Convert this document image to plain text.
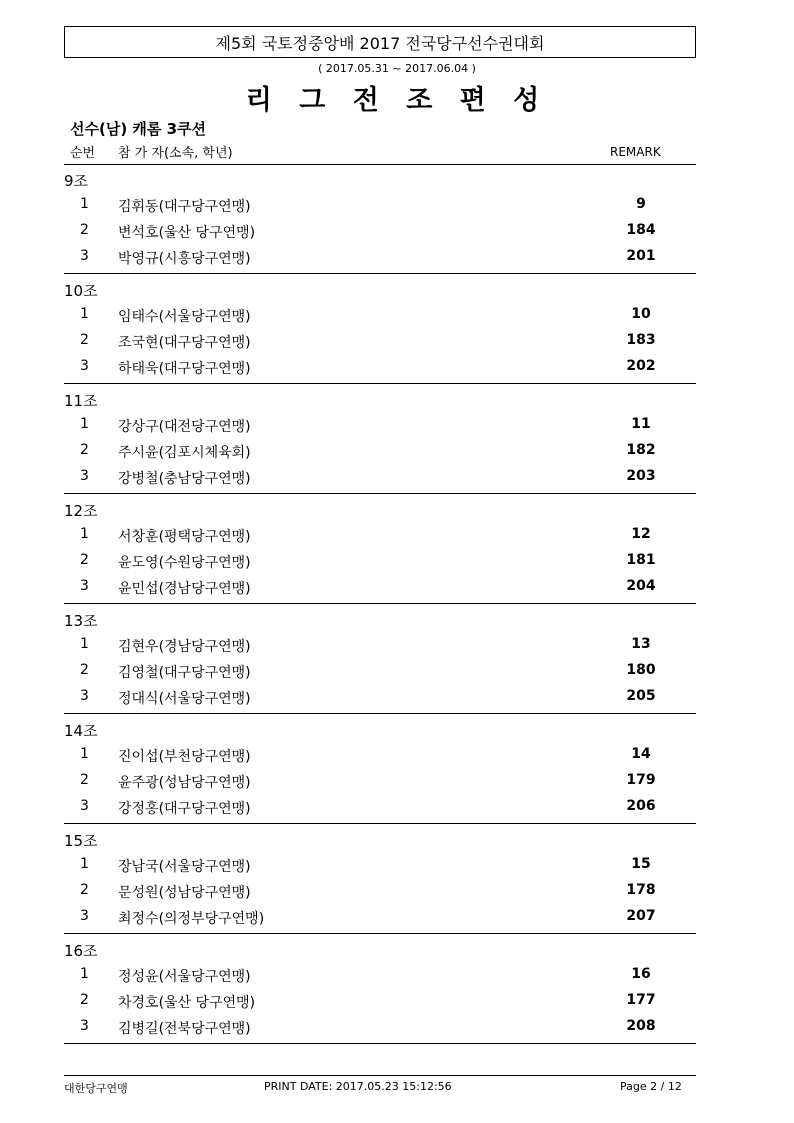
제5회 국토정중앙배 2017 전국당구선수권대회
( 2017.05.31 ~ 2017.06.04 )
리 그 전 조 편 성
선수(남) 캐롬 3쿠션
순번 참 가 자(소속, 학년)	REMARK
9조
1 김휘동(대구당구연맹)	9
2 변석호(울산 당구연맹)	184
3 박영규(시흥당구연맹)	201
10조
1 임태수(서울당구연맹)	10
2 조국현(대구당구연맹)	183
3 하태욱(대구당구연맹)	202
11조
1 강상구(대전당구연맹)	11
2 주시윤(김포시체육회)	182
3 강병철(충남당구연맹)	203
12조
1 서창훈(평택당구연맹)	12
2 윤도영(수원당구연맹)	181
3 윤민섭(경남당구연맹)	204
13조
1 김현우(경남당구연맹)	13
2 김영철(대구당구연맹)	180
3 정대식(서울당구연맹)	205
14조
1 진이섭(부천당구연맹)	14
2 윤주광(성남당구연맹)	179
3 강정홍(대구당구연맹)	206
15조
1 장남국(서울당구연맹)	15
2 문성원(성남당구연맹)	178
3 최정수(의정부당구연맹)	207
16조
1 정성윤(서울당구연맹)	16
2 차경호(울산 당구연맹)	177
3 김병길(전북당구연맹)	208
대한당구연맹	PRINT DATE: 2017.05.23 15:12:56	Page 2 / 12
